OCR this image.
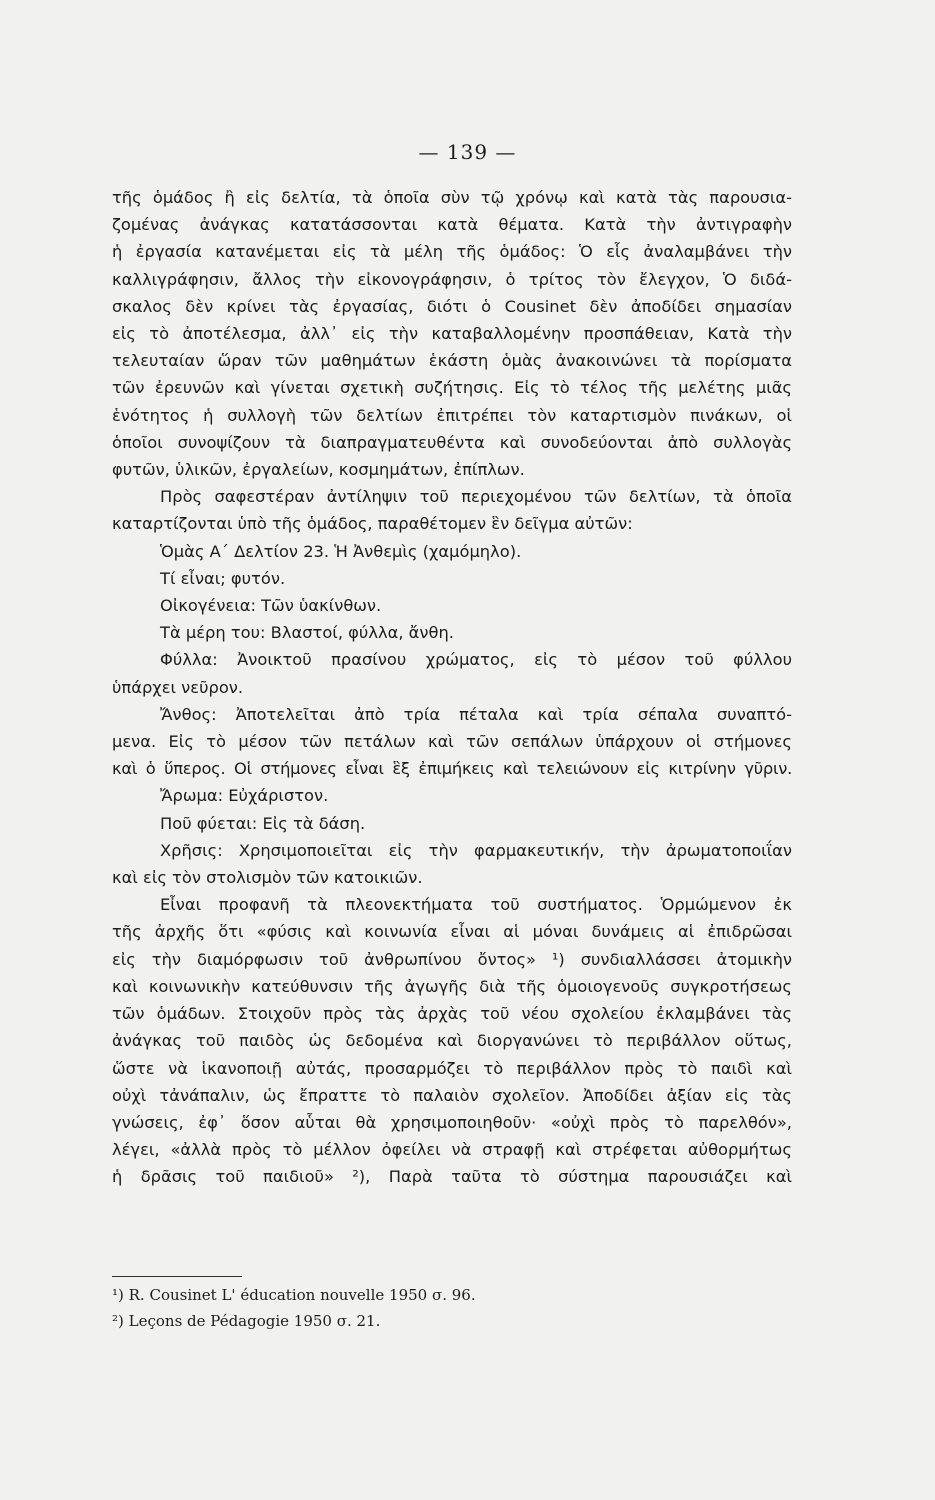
— 139 —
τῆς ὁμάδος ἢ εἰς δελτία, τὰ ὁποῖα σὺν τῷ χρόνῳ καὶ κατὰ τὰς παρουσια-
ζομένας ἀνάγκας κατατάσσονται κατὰ θέματα. Κατὰ τὴν ἀντιγραφὴν
ἡ ἐργασία κατανέμεται εἰς τὰ μέλη τῆς ὁμάδος: Ὁ εἷς ἀναλαμβάνει τὴν
καλλιγράφησιν, ἄλλος τὴν εἰκονογράφησιν, ὁ τρίτος τὸν ἔλεγχον, Ὁ διδά-
σκαλος δὲν κρίνει τὰς ἐργασίας, διότι ὁ Cousinet δὲν ἀποδίδει σημασίαν
εἰς τὸ ἀποτέλεσμα, ἀλλ᾽ εἰς τὴν καταβαλλομένην προσπάθειαν, Κατὰ τὴν
τελευταίαν ὥραν τῶν μαθημάτων ἑκάστη ὁμὰς ἀνακοινώνει τὰ πορίσματα
τῶν ἐρευνῶν καὶ γίνεται σχετικὴ συζήτησις. Εἰς τὸ τέλος τῆς μελέτης μιᾶς
ἑνότητος ἡ συλλογὴ τῶν δελτίων ἐπιτρέπει τὸν καταρτισμὸν πινάκων, οἱ
ὁποῖοι συνοψίζουν τὰ διαπραγματευθέντα καὶ συνοδεύονται ἀπὸ συλλογὰς
φυτῶν, ὑλικῶν, ἐργαλείων, κοσμημάτων, ἐπίπλων.
Πρὸς σαφεστέραν ἀντίληψιν τοῦ περιεχομένου τῶν δελτίων, τὰ ὁποῖα
καταρτίζονται ὑπὸ τῆς ὁμάδος, παραθέτομεν ἓν δεῖγμα αὐτῶν:
Ὁμὰς Α΄ Δελτίον 23. Ἡ Ἀνθεμὶς (χαμόμηλο).
Τί εἶναι; φυτόν.
Οἰκογένεια: Τῶν ὑακίνθων.
Τὰ μέρη του: Βλαστοί, φύλλα, ἄνθη.
Φύλλα: Ἀνοικτοῦ πρασίνου χρώματος, εἰς τὸ μέσον τοῦ φύλλου
ὑπάρχει νεῦρον.
Ἄνθος: Ἀποτελεῖται ἀπὸ τρία πέταλα καὶ τρία σέπαλα συναπτό-
μενα. Εἰς τὸ μέσον τῶν πετάλων καὶ τῶν σεπάλων ὑπάρχουν οἱ στήμονες
καὶ ὁ ὕπερος. Οἱ στήμονες εἶναι ἓξ ἐπιμήκεις καὶ τελειώνουν εἰς κιτρίνην γῦριν.
Ἄρωμα: Εὐχάριστον.
Ποῦ φύεται: Εἰς τὰ δάση.
Χρῆσις: Χρησιμοποιεῖται εἰς τὴν φαρμακευτικήν, τὴν ἀρωματοποιΐαν
καὶ εἰς τὸν στολισμὸν τῶν κατοικιῶν.
Εἶναι προφανῆ τὰ πλεονεκτήματα τοῦ συστήματος. Ὁρμώμενον ἐκ
τῆς ἀρχῆς ὅτι «φύσις καὶ κοινωνία εἶναι αἱ μόναι δυνάμεις αἱ ἐπιδρῶσαι
εἰς τὴν διαμόρφωσιν τοῦ ἀνθρωπίνου ὄντος» ¹) συνδιαλλάσσει ἀτομικὴν
καὶ κοινωνικὴν κατεύθυνσιν τῆς ἀγωγῆς διὰ τῆς ὁμοιογενοῦς συγκροτήσεως
τῶν ὁμάδων. Στοιχοῦν πρὸς τὰς ἀρχὰς τοῦ νέου σχολείου ἐκλαμβάνει τὰς
ἀνάγκας τοῦ παιδὸς ὡς δεδομένα καὶ διοργανώνει τὸ περιβάλλον οὕτως,
ὥστε νὰ ἱκανοποιῇ αὐτάς, προσαρμόζει τὸ περιβάλλον πρὸς τὸ παιδὶ καὶ
οὐχὶ τἀνάπαλιν, ὡς ἔπραττε τὸ παλαιὸν σχολεῖον. Ἀποδίδει ἀξίαν εἰς τὰς
γνώσεις, ἐφ᾽ ὅσον αὗται θὰ χρησιμοποιηθοῦν· «οὐχὶ πρὸς τὸ παρελθόν»,
λέγει, «ἀλλὰ πρὸς τὸ μέλλον ὀφείλει νὰ στραφῇ καὶ στρέφεται αὐθορμήτως
ἡ δρᾶσις τοῦ παιδιοῦ» ²), Παρὰ ταῦτα τὸ σύστημα παρουσιάζει καὶ
¹) R. Cousinet L' éducation nouvelle 1950 σ. 96.
²) Leçons de Pédagogie 1950 σ. 21.
